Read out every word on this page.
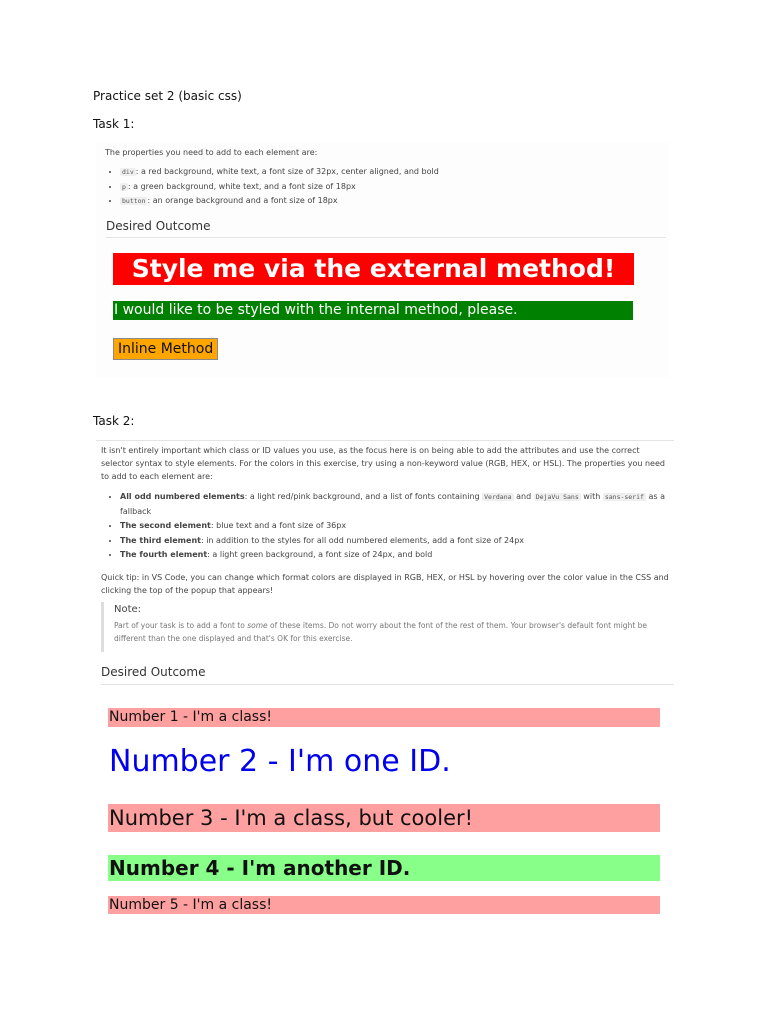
Practice set 2 (basic css)
Task 1:
The properties you need to add to each element are:
• div : a red background, white text, a font size of 32px, center aligned, and bold
• p : a green background, white text, and a font size of 18px
• button : an orange background and a font size of 18px
Desired Outcome
Style me via the external method!
I would like to be styled with the internal method, please.
Inline Method
Task 2:
It isn't entirely important which class or ID values you use, as the focus here is on being able to add the attributes and use the correct selector syntax to style elements. For the colors in this exercise, try using a non-keyword value (RGB, HEX, or HSL). The properties you need to add to each element are:
• All odd numbered elements: a light red/pink background, and a list of fonts containing Verdana and DejaVu Sans with sans-serif as a fallback
• The second element: blue text and a font size of 36px
• The third element: in addition to the styles for all odd numbered elements, add a font size of 24px
• The fourth element: a light green background, a font size of 24px, and bold
Quick tip: in VS Code, you can change which format colors are displayed in RGB, HEX, or HSL by hovering over the color value in the CSS and clicking the top of the popup that appears!
Note:
Part of your task is to add a font to some of these items. Do not worry about the font of the rest of them. Your browser's default font might be different than the one displayed and that's OK for this exercise.
Desired Outcome
Number 1 - I'm a class!
Number 2 - I'm one ID.
Number 3 - I'm a class, but cooler!
Number 4 - I'm another ID.
Number 5 - I'm a class!
